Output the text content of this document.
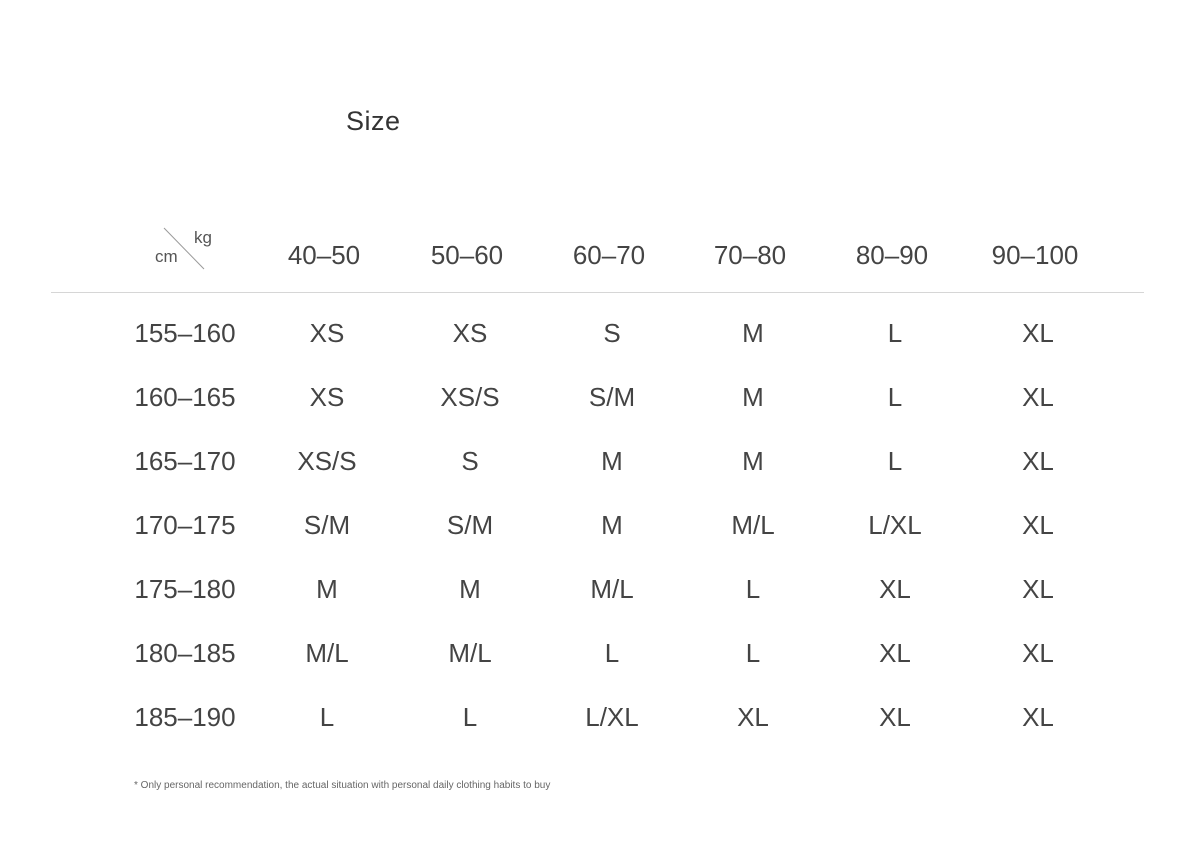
Size
kg
cm	40–50	50–60	60–70	70–80	80–90	90–100
155–160	XS	XS	S	M	L	XL
160–165	XS	XS/S	S/M	M	L	XL
165–170	XS/S	S	M	M	L	XL
170–175	S/M	S/M	M	M/L	L/XL	XL
175–180	M	M	M/L	L	XL	XL
180–185	M/L	M/L	L	L	XL	XL
185–190	L	L	L/XL	XL	XL	XL
* Only personal recommendation, the actual situation with personal daily clothing habits to buy
